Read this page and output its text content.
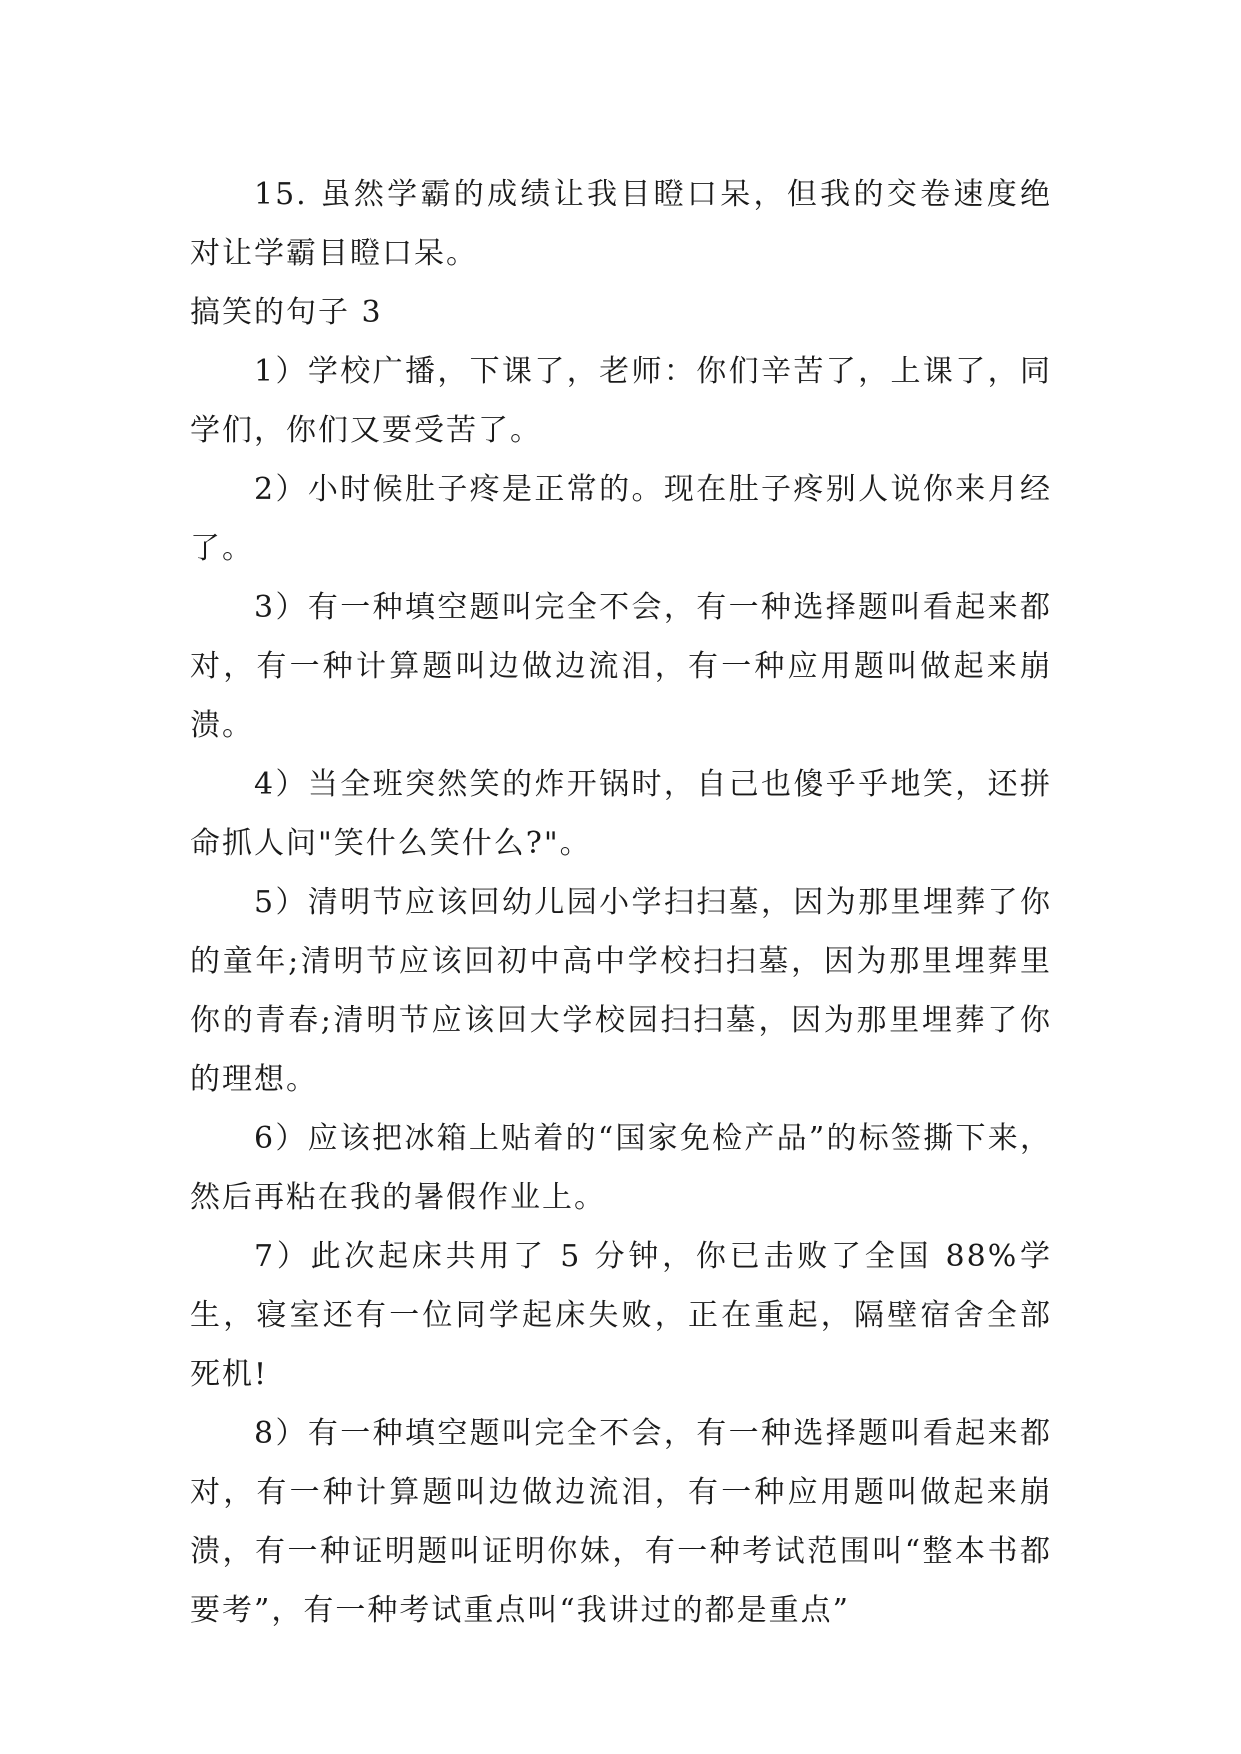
15. 虽然学霸的成绩让我目瞪口呆，但我的交卷速度绝对让学霸目瞪口呆。

搞笑的句子 3

1）学校广播，下课了，老师：你们辛苦了，上课了，同学们，你们又要受苦了。

2）小时候肚子疼是正常的。现在肚子疼别人说你来月经了。

3）有一种填空题叫完全不会，有一种选择题叫看起来都对，有一种计算题叫边做边流泪，有一种应用题叫做起来崩溃。

4）当全班突然笑的炸开锅时，自己也傻乎乎地笑，还拼命抓人问"笑什么笑什么?"。

5）清明节应该回幼儿园小学扫扫墓，因为那里埋葬了你的童年;清明节应该回初中高中学校扫扫墓，因为那里埋葬里你的青春;清明节应该回大学校园扫扫墓，因为那里埋葬了你的理想。

6）应该把冰箱上贴着的“国家免检产品”的标签撕下来，然后再粘在我的暑假作业上。

7）此次起床共用了 5 分钟，你已击败了全国 88%学生，寝室还有一位同学起床失败，正在重起，隔壁宿舍全部死机!

8）有一种填空题叫完全不会，有一种选择题叫看起来都对，有一种计算题叫边做边流泪，有一种应用题叫做起来崩溃，有一种证明题叫证明你妹，有一种考试范围叫“整本书都要考”，有一种考试重点叫“我讲过的都是重点”
